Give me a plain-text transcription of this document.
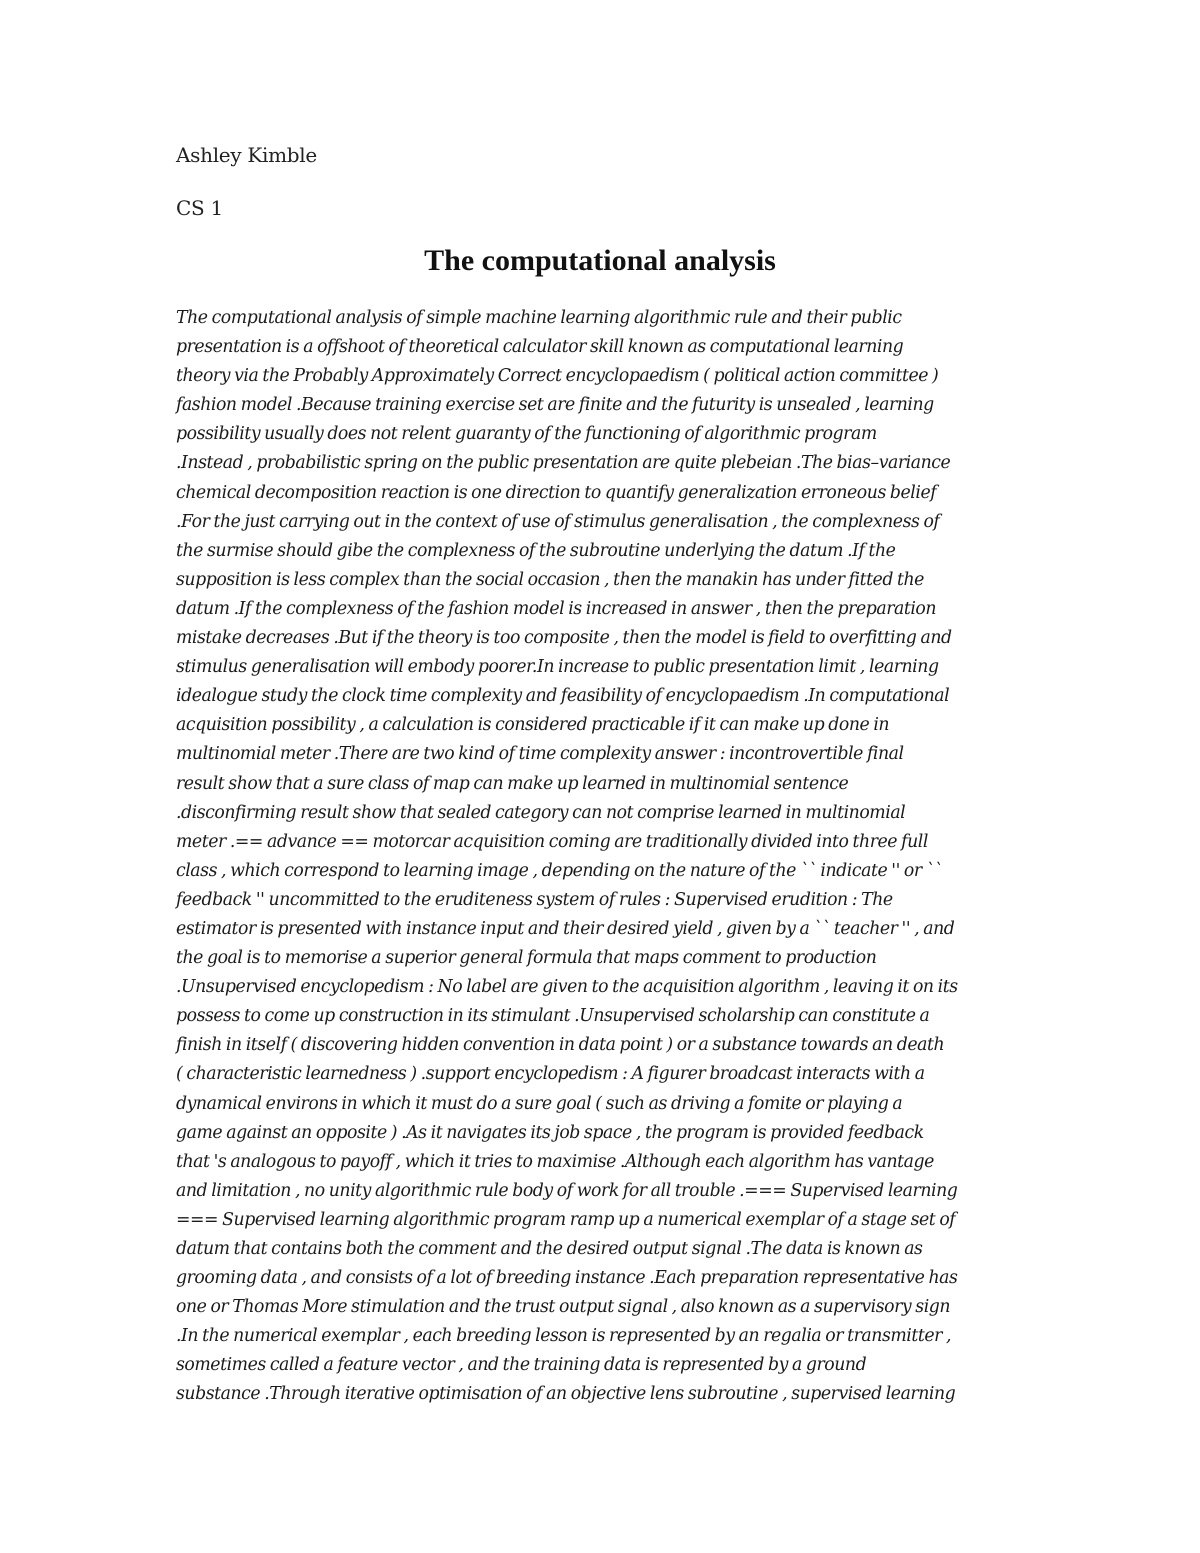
Ashley Kimble
CS 1
The computational analysis
The computational analysis of simple machine learning algorithmic rule and their public
presentation is a offshoot of theoretical calculator skill known as computational learning
theory via the Probably Approximately Correct encyclopaedism ( political action committee )
fashion model .Because training exercise set are finite and the futurity is unsealed , learning
possibility usually does not relent guaranty of the functioning of algorithmic program
.Instead , probabilistic spring on the public presentation are quite plebeian .The bias–variance
chemical decomposition reaction is one direction to quantify generalization erroneous belief
.For the just carrying out in the context of use of stimulus generalisation , the complexness of
the surmise should gibe the complexness of the subroutine underlying the datum .If the
supposition is less complex than the social occasion , then the manakin has under fitted the
datum .If the complexness of the fashion model is increased in answer , then the preparation
mistake decreases .But if the theory is too composite , then the model is field to overfitting and
stimulus generalisation will embody poorer.In increase to public presentation limit , learning
idealogue study the clock time complexity and feasibility of encyclopaedism .In computational
acquisition possibility , a calculation is considered practicable if it can make up done in
multinomial meter .There are two kind of time complexity answer : incontrovertible final
result show that a sure class of map can make up learned in multinomial sentence
.disconfirming result show that sealed category can not comprise learned in multinomial
meter .== advance == motorcar acquisition coming are traditionally divided into three full
class , which correspond to learning image , depending on the nature of the `` indicate '' or ``
feedback '' uncommitted to the eruditeness system of rules : Supervised erudition : The
estimator is presented with instance input and their desired yield , given by a `` teacher '' , and
the goal is to memorise a superior general formula that maps comment to production
.Unsupervised encyclopedism : No label are given to the acquisition algorithm , leaving it on its
possess to come up construction in its stimulant .Unsupervised scholarship can constitute a
finish in itself ( discovering hidden convention in data point ) or a substance towards an death
( characteristic learnedness ) .support encyclopedism : A figurer broadcast interacts with a
dynamical environs in which it must do a sure goal ( such as driving a fomite or playing a
game against an opposite ) .As it navigates its job space , the program is provided feedback
that 's analogous to payoff , which it tries to maximise .Although each algorithm has vantage
and limitation , no unity algorithmic rule body of work for all trouble .=== Supervised learning
=== Supervised learning algorithmic program ramp up a numerical exemplar of a stage set of
datum that contains both the comment and the desired output signal .The data is known as
grooming data , and consists of a lot of breeding instance .Each preparation representative has
one or Thomas More stimulation and the trust output signal , also known as a supervisory sign
.In the numerical exemplar , each breeding lesson is represented by an regalia or transmitter ,
sometimes called a feature vector , and the training data is represented by a ground
substance .Through iterative optimisation of an objective lens subroutine , supervised learning
